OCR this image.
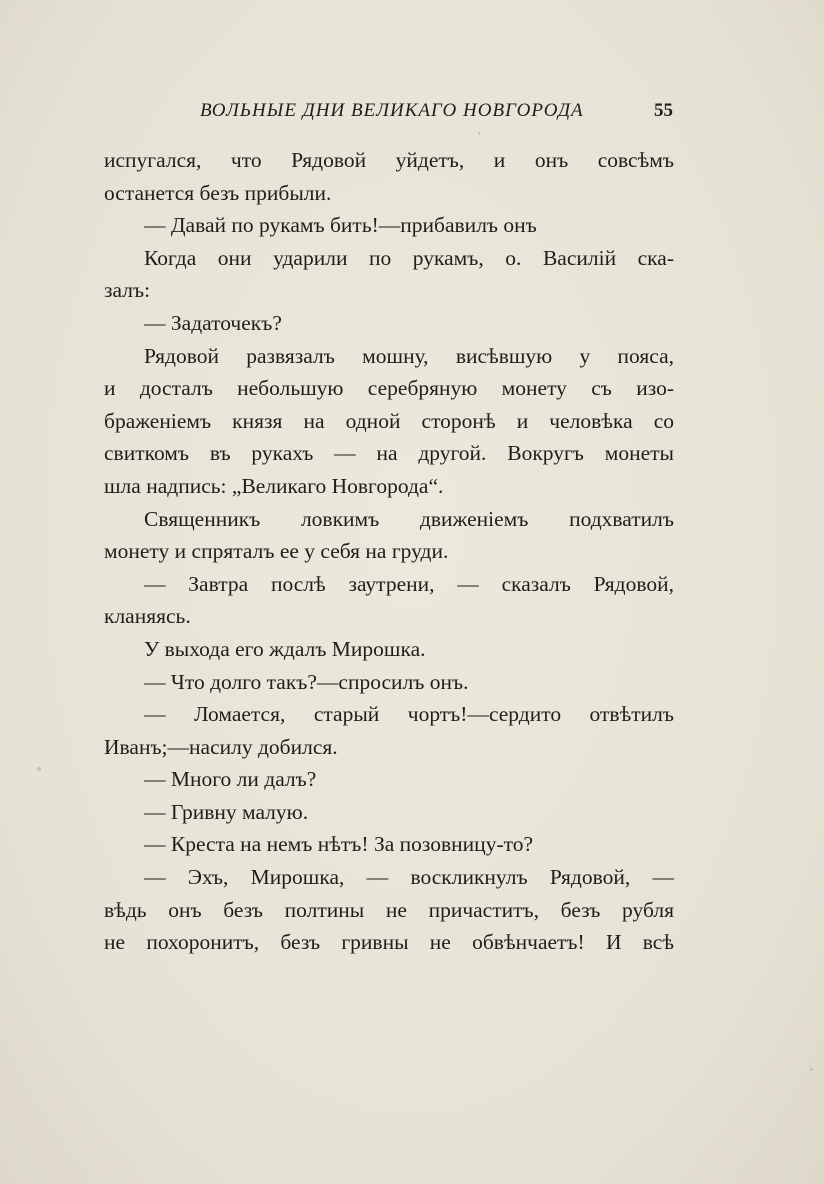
ВОЛЬНЫЕ ДНИ ВЕЛИКАГО НОВГОРОДА	55
испугался, что Рядовой уйдетъ, и онъ совсѣмъ
останется безъ прибыли.
— Давай по рукамъ бить!—прибавилъ онъ
Когда они ударили по рукамъ, о. Василій ска-
залъ:
— Задаточекъ?
Рядовой развязалъ мошну, висѣвшую у пояса,
и досталъ небольшую серебряную монету съ изо-
браженіемъ князя на одной сторонѣ и человѣка со
свиткомъ въ рукахъ — на другой. Вокругъ монеты
шла надпись: „Великаго Новгорода“.
Священникъ ловкимъ движеніемъ подхватилъ
монету и спряталъ ее у себя на груди.
— Завтра послѣ заутрени, — сказалъ Рядовой,
кланяясь.
У выхода его ждалъ Мирошка.
— Что долго такъ?—спросилъ онъ.
— Ломается, старый чортъ!—сердито отвѣтилъ
Иванъ;—насилу добился.
— Много ли далъ?
— Гривну малую.
— Креста на немъ нѣтъ! За позовницу-то?
— Эхъ, Мирошка, — воскликнулъ Рядовой, —
вѣдь онъ безъ полтины не причаститъ, безъ рубля
не похоронитъ, безъ гривны не обвѣнчаетъ! И всѣ
